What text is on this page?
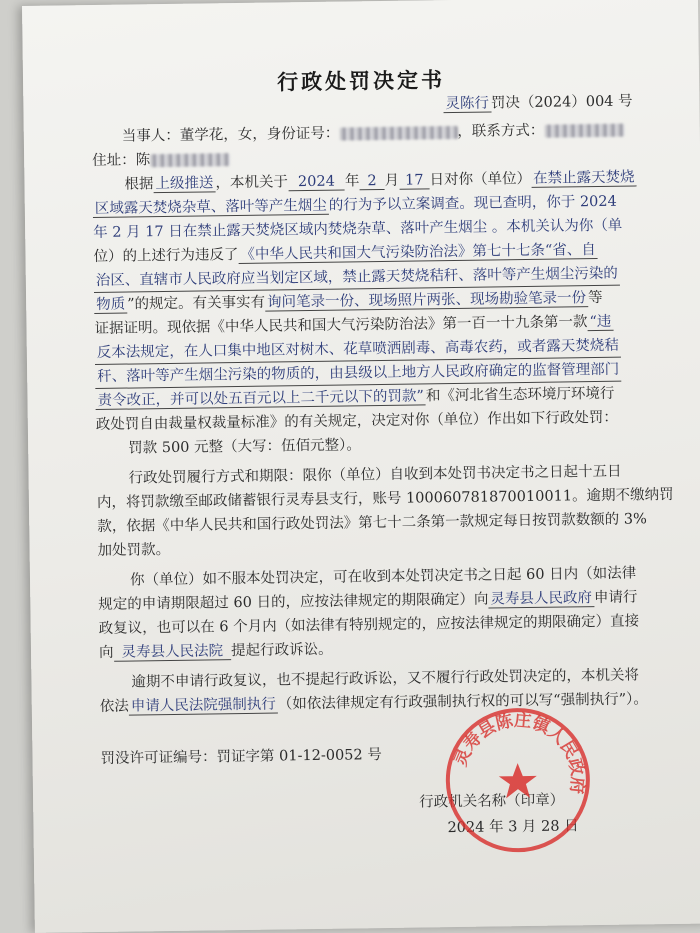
行政处罚决定书
灵陈行 罚决（2024）004 号
当事人：董学花，女，身份证号：	，联系方式：
住址：陈
根据 上级推送 ，本机关于 2024 年 2 月 17 日对你（单位） 在禁止露天焚烧
区域露天焚烧杂草、落叶等产生烟尘 的行为予以立案调查。现已查明，你于 2024
年 2 月 17 日在禁止露天焚烧区域内焚烧杂草、落叶产生烟尘 。本机关认为你（单
位）的上述行为违反了 《中华人民共和国大气污染防治法》第七十七条“省、自
治区、直辖市人民政府应当划定区域，禁止露天焚烧秸秆、落叶等产生烟尘污染的
物质 ”的规定。有关事实有 询问笔录一份、现场照片两张、现场勘验笔录一份 等
证据证明。现依据《中华人民共和国大气污染防治法》第一百一十九条第一款 “违
反本法规定，在人口集中地区对树木、花草喷洒剧毒、高毒农药，或者露天焚烧秸
秆、落叶等产生烟尘污染的物质的，由县级以上地方人民政府确定的监督管理部门
责令改正，并可以处五百元以上二千元以下的罚款” 和《河北省生态环境厅环境行
政处罚自由裁量权裁量标准》的有关规定，决定对你（单位）作出如下行政处罚：
罚款 500 元整（大写：伍佰元整）。
行政处罚履行方式和期限：限你（单位）自收到本处罚书决定书之日起十五日
内，将罚款缴至邮政储蓄银行灵寿县支行，账号 100060781870010011。逾期不缴纳罚
款，依据《中华人民共和国行政处罚法》第七十二条第一款规定每日按罚款数额的 3%
加处罚款。
你（单位）如不服本处罚决定，可在收到本处罚决定书之日起 60 日内（如法律
规定的申请期限超过 60 日的，应按法律规定的期限确定）向 灵寿县人民政府 申请行
政复议，也可以在 6 个月内（如法律有特别规定的，应按法律规定的期限确定）直接
向 灵寿县人民法院 提起行政诉讼。
逾期不申请行政复议，也不提起行政诉讼，又不履行行政处罚决定的，本机关将
依法 申请人民法院强制执行 （如依法律规定有行政强制执行权的可以写“强制执行”）。
罚没许可证编号：罚证字第 01-12-0052 号
行政机关名称（印章）
2024 年 3 月 28 日
灵寿县陈庄镇人民政府
